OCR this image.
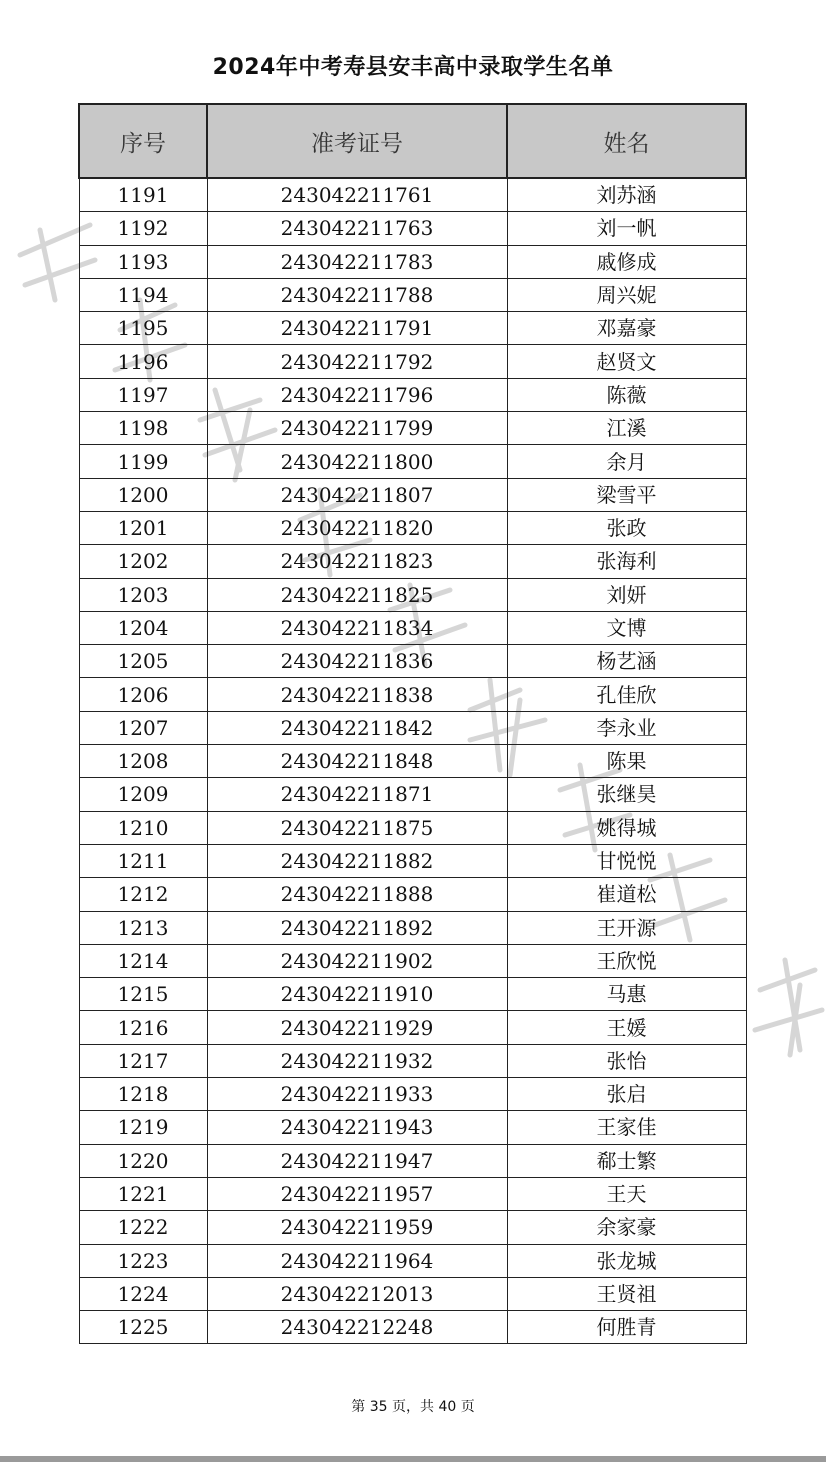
2024年中考寿县安丰高中录取学生名单
序号	准考证号	姓名
1191	243042211761	刘苏涵
1192	243042211763	刘一帆
1193	243042211783	戚修成
1194	243042211788	周兴妮
1195	243042211791	邓嘉豪
1196	243042211792	赵贤文
1197	243042211796	陈薇
1198	243042211799	江溪
1199	243042211800	余月
1200	243042211807	梁雪平
1201	243042211820	张政
1202	243042211823	张海利
1203	243042211825	刘妍
1204	243042211834	文博
1205	243042211836	杨艺涵
1206	243042211838	孔佳欣
1207	243042211842	李永业
1208	243042211848	陈果
1209	243042211871	张继昊
1210	243042211875	姚得城
1211	243042211882	甘悦悦
1212	243042211888	崔道松
1213	243042211892	王开源
1214	243042211902	王欣悦
1215	243042211910	马惠
1216	243042211929	王媛
1217	243042211932	张怡
1218	243042211933	张启
1219	243042211943	王家佳
1220	243042211947	郗士繁
1221	243042211957	王天
1222	243042211959	余家豪
1223	243042211964	张龙城
1224	243042212013	王贤祖
1225	243042212248	何胜青
第 35 页，共 40 页
